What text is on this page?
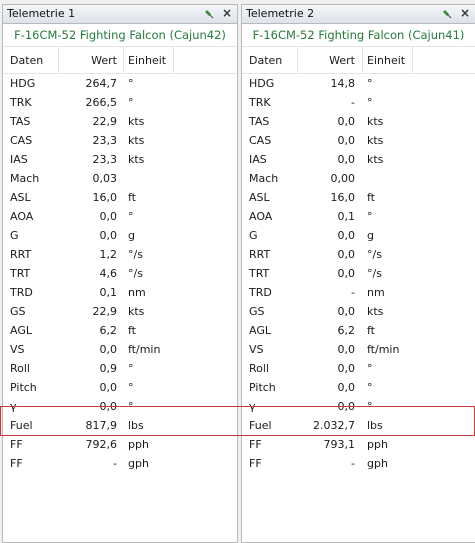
Telemetrie 1	×
F-16CM-52 Fighting Falcon (Cajun42)
Daten	Wert Einheit
HDG	264,7 °
TRK	266,5 °
TAS	22,9 kts
CAS	23,3 kts
IAS	23,3 kts
Mach	0,03
ASL	16,0 ft
AOA	0,0 °
G	0,0 g
RRT	1,2 °/s
TRT	4,6 °/s
TRD	0,1 nm
GS	22,9 kts
AGL	6,2 ft
VS	0,0 ft/min
Roll	0,9 °
Pitch	0,0 °
γ	0,0 °
Fuel	817,9 lbs
FF	792,6 pph
FF	- gph
Telemetrie 2	×
F-16CM-52 Fighting Falcon (Cajun41)
Daten	Wert Einheit
HDG	14,8 °
TRK	- °
TAS	0,0 kts
CAS	0,0 kts
IAS	0,0 kts
Mach	0,00
ASL	16,0 ft
AOA	0,1 °
G	0,0 g
RRT	0,0 °/s
TRT	0,0 °/s
TRD	- nm
GS	0,0 kts
AGL	6,2 ft
VS	0,0 ft/min
Roll	0,0 °
Pitch	0,0 °
γ	0,0 °
Fuel	2.032,7 lbs
FF	793,1 pph
FF	- gph
